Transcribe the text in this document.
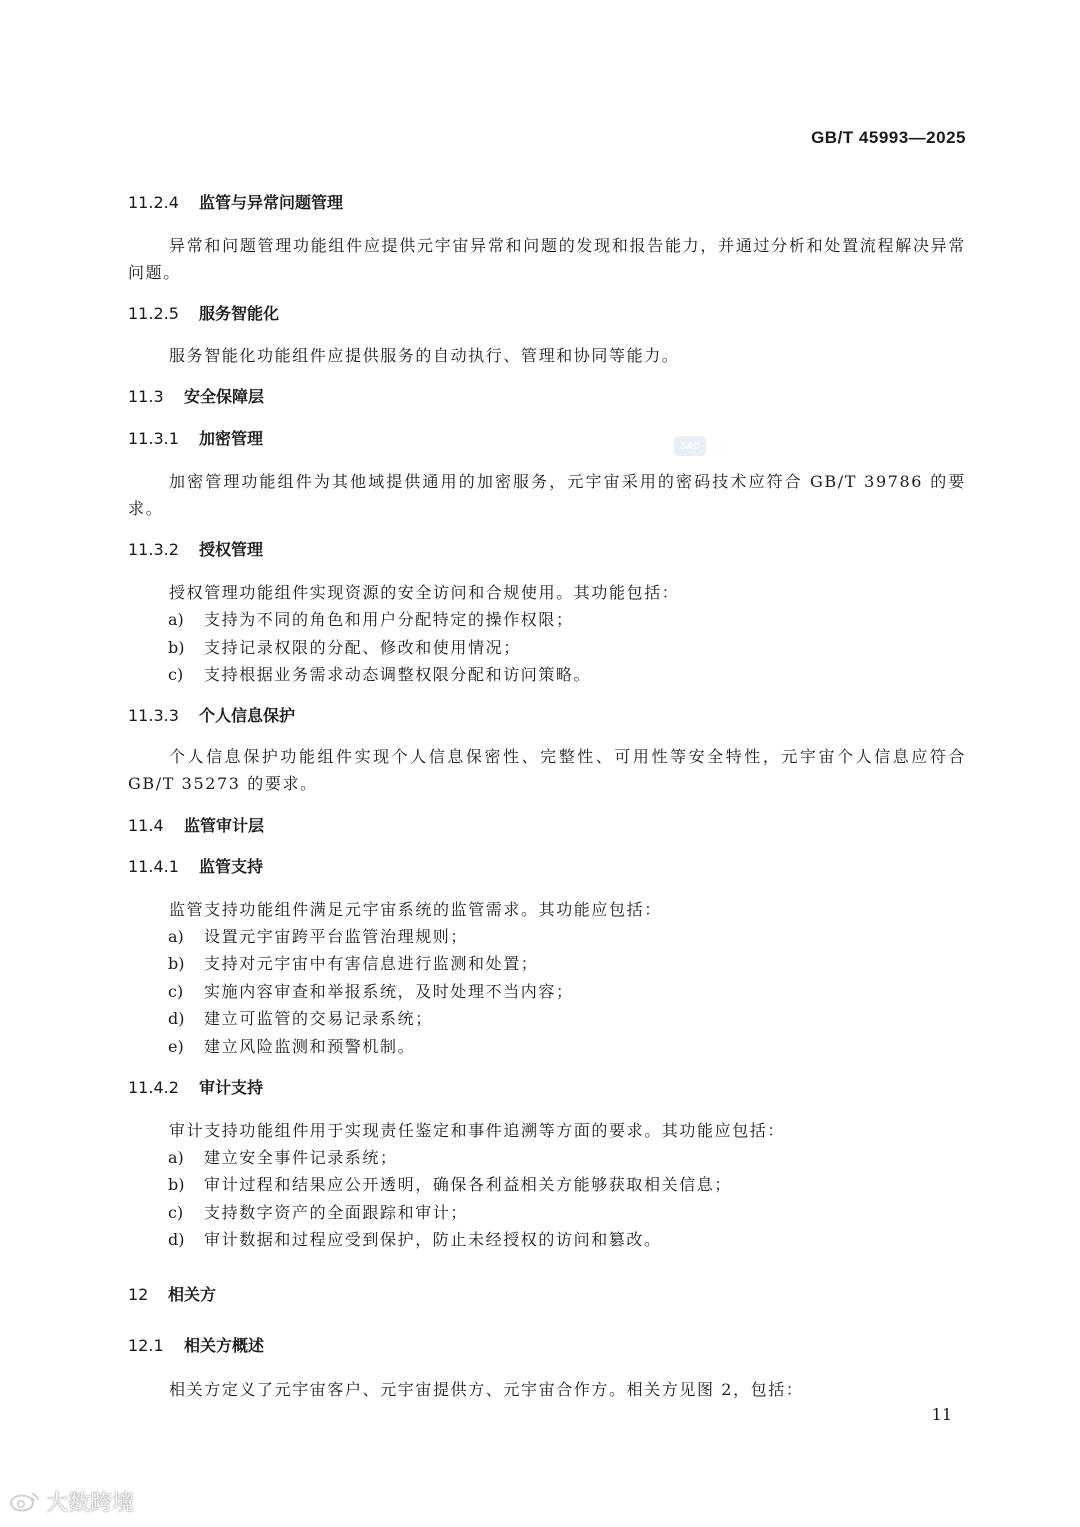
GB/T 45993—2025
11.2.4 监管与异常问题管理
异常和问题管理功能组件应提供元宇宙异常和问题的发现和报告能力，并通过分析和处置流程解决异常问题。
11.2.5 服务智能化
服务智能化功能组件应提供服务的自动执行、管理和协同等能力。
11.3 安全保障层
11.3.1 加密管理	SAC
加密管理功能组件为其他域提供通用的加密服务，元宇宙采用的密码技术应符合 GB/T 39786 的要求。
11.3.2 授权管理
授权管理功能组件实现资源的安全访问和合规使用。其功能包括：
a) 支持为不同的角色和用户分配特定的操作权限；
b) 支持记录权限的分配、修改和使用情况；
c) 支持根据业务需求动态调整权限分配和访问策略。
11.3.3 个人信息保护
个人信息保护功能组件实现个人信息保密性、完整性、可用性等安全特性，元宇宙个人信息应符合 GB/T 35273 的要求。
11.4 监管审计层
11.4.1 监管支持
监管支持功能组件满足元宇宙系统的监管需求。其功能应包括：
a) 设置元宇宙跨平台监管治理规则；
b) 支持对元宇宙中有害信息进行监测和处置；
c) 实施内容审查和举报系统，及时处理不当内容；
d) 建立可监管的交易记录系统；
e) 建立风险监测和预警机制。
11.4.2 审计支持
审计支持功能组件用于实现责任鉴定和事件追溯等方面的要求。其功能应包括：
a) 建立安全事件记录系统；
b) 审计过程和结果应公开透明，确保各利益相关方能够获取相关信息；
c) 支持数字资产的全面跟踪和审计；
d) 审计数据和过程应受到保护，防止未经授权的访问和篡改。
12 相关方
12.1 相关方概述
相关方定义了元宇宙客户、元宇宙提供方、元宇宙合作方。相关方见图 2，包括：
11
大数跨境
